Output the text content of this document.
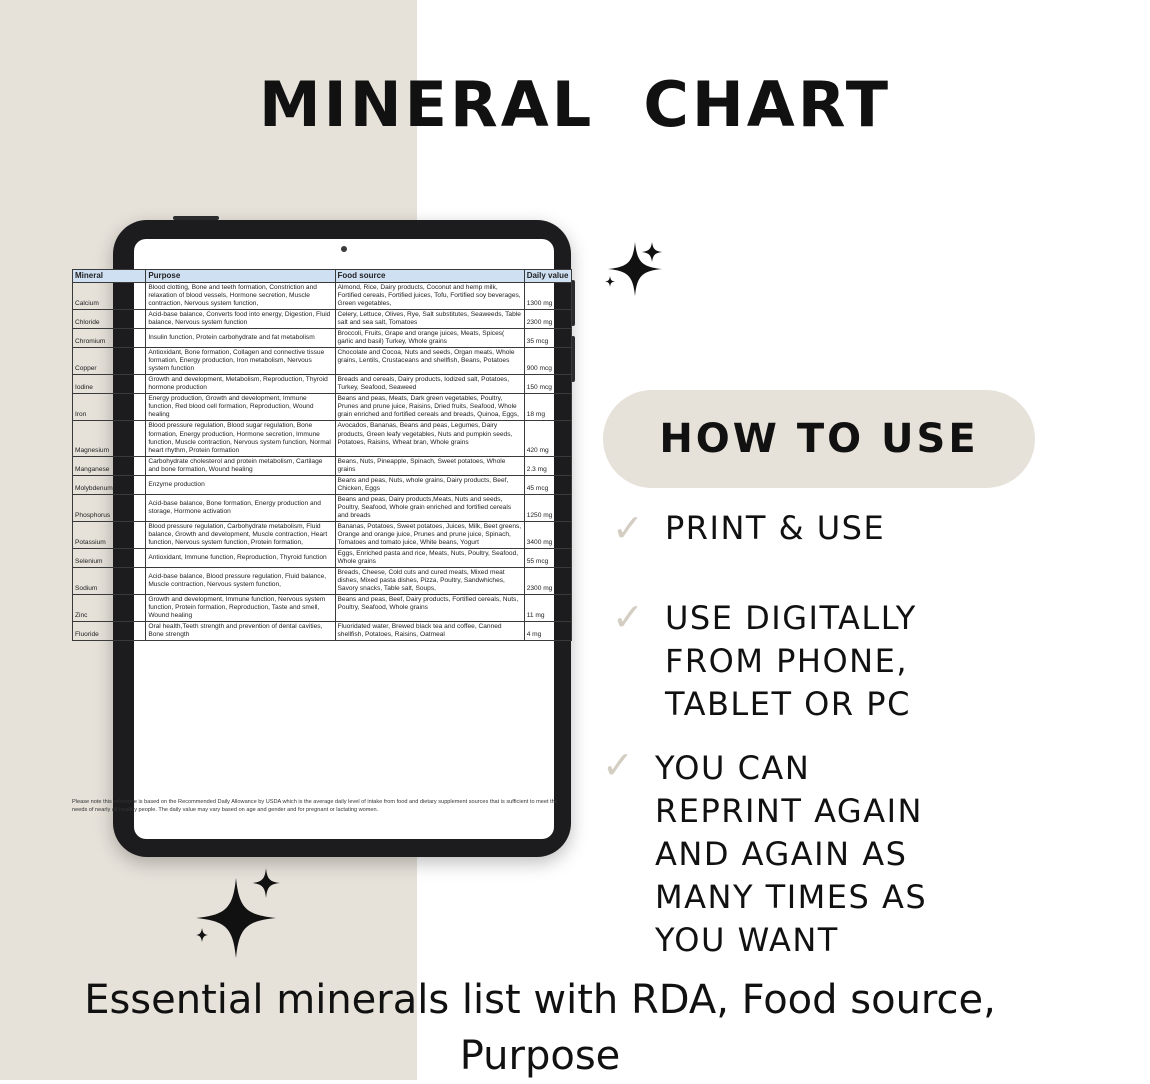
MINERAL  CHART
Mineral	Purpose	Food source	Daily value
Calcium	Blood clotting, Bone and teeth formation, Constriction and relaxation of blood vessels, Hormone secretion, Muscle contraction, Nervous system function,	Almond, Rice, Dairy products, Coconut and hemp milk, Fortified cereals, Fortified juices, Tofu, Fortified soy beverages, Green vegetables,	1300 mg
Chloride	Acid-base balance, Converts food into energy, Digestion, Fluid balance, Nervous system function	Celery, Lettuce, Olives, Rye, Salt substitutes, Seaweeds, Table salt and sea salt, Tomatoes	2300 mg
Chromium	Insulin function, Protein carbohydrate and fat metabolism	Broccoli, Fruits, Grape and orange juices, Meats, Spices( garlic and basil) Turkey, Whole grains	35 mcg
Copper	Antioxidant, Bone formation, Collagen and connective tissue formation, Energy production, Iron metabolism, Nervous system function	Chocolate and Cocoa, Nuts and seeds, Organ meats, Whole grains, Lentils, Crustaceans and shellfish, Beans, Potatoes	900 mcg
Iodine	Growth and development, Metabolism, Reproduction, Thyroid hormone production	Breads and cereals, Dairy products, Iodized salt, Potatoes, Turkey, Seafood, Seaweed	150 mcg
Iron	Energy production, Growth and development, Immune function, Red blood cell formation, Reproduction, Wound healing	Beans and peas, Meats, Dark green vegetables, Poultry, Prunes and prune juice, Raisins, Dried fruits, Seafood, Whole grain enriched and fortified cereals and breads, Quinoa, Eggs,	18 mg
Magnesium	Blood pressure regulation, Blood sugar regulation, Bone formation, Energy production, Hormone secretion, Immune function, Muscle contraction, Nervous system function, Normal heart rhythm, Protein formation	Avocados, Bananas, Beans and peas, Legumes, Dairy products, Green leafy vegetables, Nuts and pumpkin seeds, Potatoes, Raisins, Wheat bran, Whole grains	420 mg
Manganese	Carbohydrate cholesterol and protein metabolism, Cartilage and bone formation, Wound healing	Beans, Nuts, Pineapple, Spinach, Sweet potatoes, Whole grains	2.3 mg
Molybdenum	Enzyme production	Beans and peas, Nuts, whole grains, Dairy products, Beef, Chicken, Eggs	45 mcg
Phosphorus	Acid-base balance, Bone formation, Energy production and storage, Hormone activation	Beans and peas, Dairy products,Meats, Nuts and seeds, Poultry, Seafood, Whole grain enriched and fortified cereals and breads	1250 mg
Potassium	Blood pressure regulation, Carbohydrate metabolism, Fluid balance, Growth and development, Muscle contraction, Heart function, Nervous system function, Protein formation,	Bananas, Potatoes, Sweet potatoes, Juices, Milk, Beet greens, Orange and orange juice, Prunes and prune juice, Spinach, Tomatoes and tomato juice, White beans, Yogurt	3400 mg
Selenium	Antioxidant, Immune function, Reproduction, Thyroid function	Eggs, Enriched pasta and rice, Meats, Nuts, Poultry, Seafood, Whole grains	55 mcg
Sodium	Acid-base balance, Blood pressure regulation, Fluid balance, Muscle contraction, Nervous system function,	Breads, Cheese, Cold cuts and cured meats, Mixed meat dishes, Mixed pasta dishes, Pizza, Poultry, Sandwhiches, Savory snacks, Table salt, Soups,	2300 mg
Zinc	Growth and development, Immune function, Nervous system function, Protein formation, Reproduction, Taste and smell, Wound healing	Beans and peas, Beef, Dairy products, Fortified cereals, Nuts, Poultry, Seafood, Whole grains	11 mg
Fluoride	Oral health,Teeth strength and prevention of dental cavities, Bone strength	Fluoridated water, Brewed black tea and coffee, Canned shellfish, Potatoes, Raisins, Oatmeal	4 mg
Please note this reference is based on the Recommended Daily Allowance by USDA which is the average daily level of intake from food and dietary supplement sources that is sufficient to meet the needs of nearly all healthy people. The daily value may vary based on age and gender and for pregnant or lactating women.
HOW TO USE
✓ PRINT & USE
✓ USE DIGITALLY
FROM PHONE,
TABLET OR PC
✓ YOU CAN
REPRINT AGAIN
AND AGAIN AS
MANY TIMES AS
YOU WANT
Essential minerals list with RDA, Food source,
Purpose
